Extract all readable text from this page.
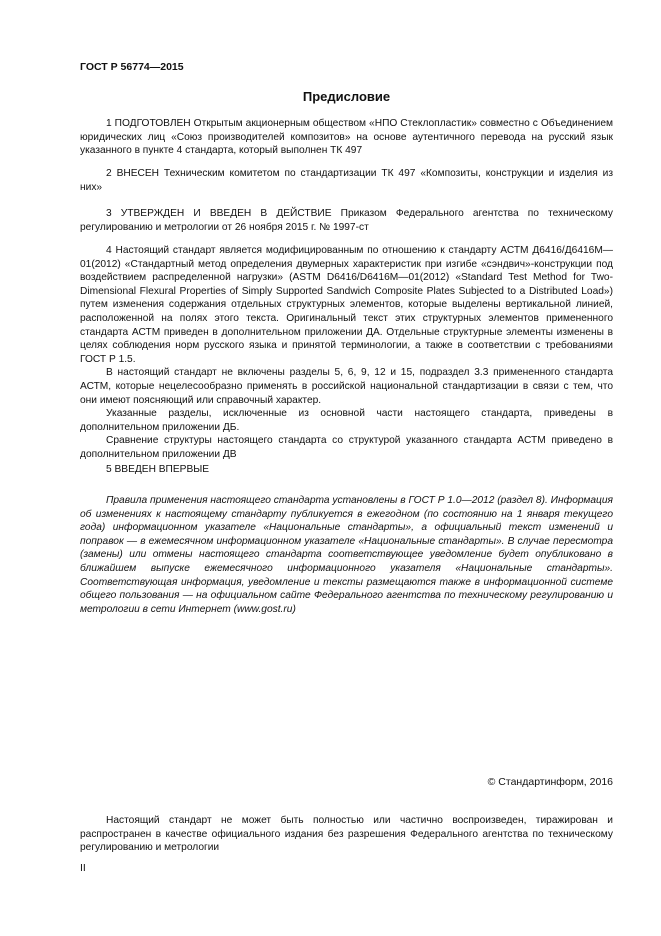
ГОСТ Р 56774—2015
Предисловие

1 ПОДГОТОВЛЕН Открытым акционерным обществом «НПО Стеклопластик» совместно с Объединением юридических лиц «Союз производителей композитов» на основе аутентичного перевода на русский язык указанного в пункте 4 стандарта, который выполнен ТК 497

2 ВНЕСЕН Техническим комитетом по стандартизации ТК 497 «Композиты, конструкции и изделия из них»

3 УТВЕРЖДЕН И ВВЕДЕН В ДЕЙСТВИЕ Приказом Федерального агентства по техническому регулированию и метрологии от 26 ноября 2015 г. № 1997-ст

4 Настоящий стандарт является модифицированным по отношению к стандарту АСТМ Д6416/Д6416М—01(2012) «Стандартный метод определения двумерных характеристик при изгибе «сэндвич»-конструкции под воздействием распределенной нагрузки» (ASTM D6416/D6416M—01(2012) «Standard Test Method for Two-Dimensional Flexural Properties of Simply Supported Sandwich Composite Plates Subjected to a Distributed Load») путем изменения содержания отдельных структурных элементов, которые выделены вертикальной линией, расположенной на полях этого текста. Оригинальный текст этих структурных элементов примененного стандарта АСТМ приведен в дополнительном приложении ДА. Отдельные структурные элементы изменены в целях соблюдения норм русского языка и принятой терминологии, а также в соответствии с требованиями ГОСТ Р 1.5.

В настоящий стандарт не включены разделы 5, 6, 9, 12 и 15, подраздел 3.3 примененного стандарта АСТМ, которые нецелесообразно применять в российской национальной стандартизации в связи с тем, что они имеют поясняющий или справочный характер.

Указанные разделы, исключенные из основной части настоящего стандарта, приведены в дополнительном приложении ДБ.

Сравнение структуры настоящего стандарта со структурой указанного стандарта АСТМ приведено в дополнительном приложении ДВ

5 ВВЕДЕН ВПЕРВЫЕ

Правила применения настоящего стандарта установлены в ГОСТ Р 1.0—2012 (раздел 8). Информация об изменениях к настоящему стандарту публикуется в ежегодном (по состоянию на 1 января текущего года) информационном указателе «Национальные стандарты», а официальный текст изменений и поправок — в ежемесячном информационном указателе «Национальные стандарты». В случае пересмотра (замены) или отмены настоящего стандарта соответствующее уведомление будет опубликовано в ближайшем выпуске ежемесячного информационного указателя «Национальные стандарты». Соответствующая информация, уведомление и тексты размещаются также в информационной системе общего пользования — на официальном сайте Федерального агентства по техническому регулированию и метрологии в сети Интернет (www.gost.ru)

© Стандартинформ, 2016

Настоящий стандарт не может быть полностью или частично воспроизведен, тиражирован и распространен в качестве официального издания без разрешения Федерального агентства по техническому регулированию и метрологии

II
